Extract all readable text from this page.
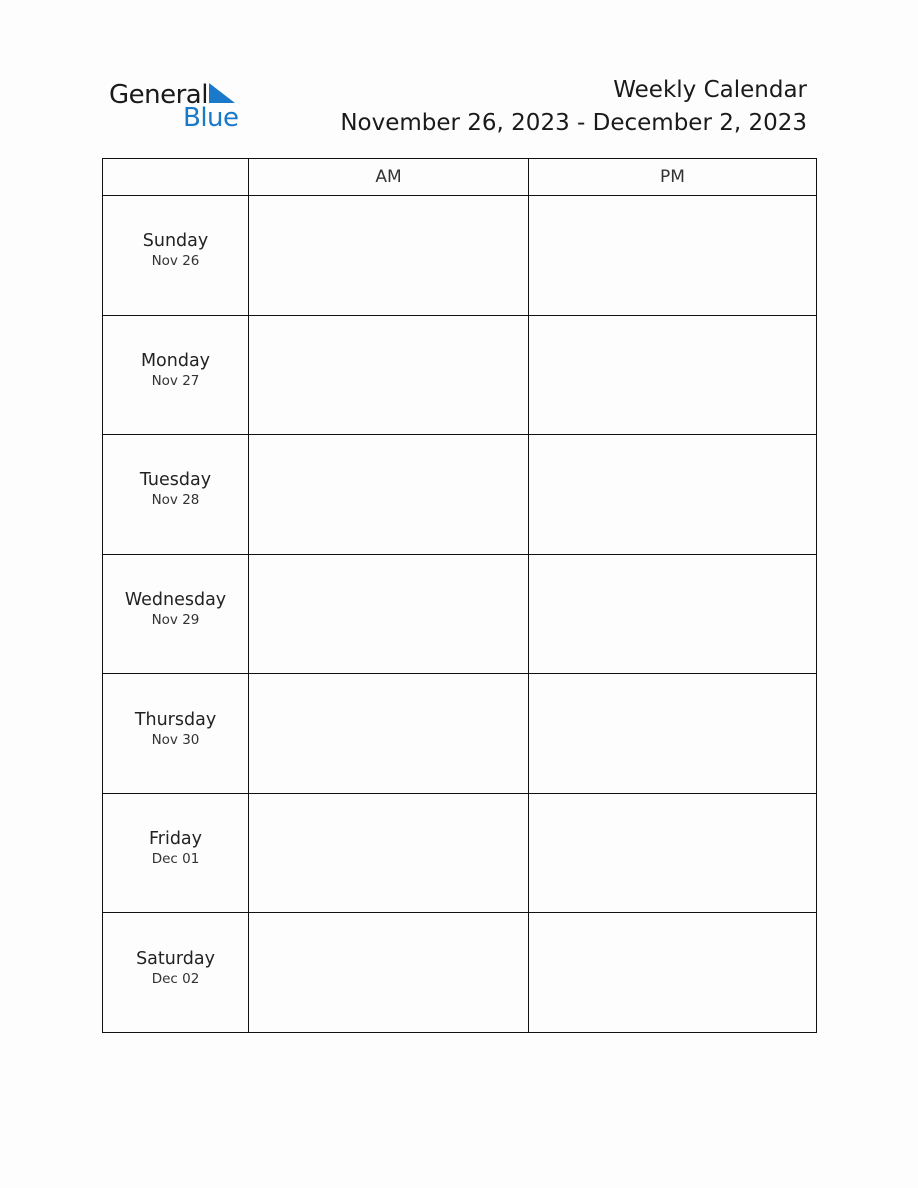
General
Blue
Weekly Calendar
November 26, 2023 - December 2, 2023
	AM	PM

Sunday
Nov 26		

Monday
Nov 27		

Tuesday
Nov 28		

Wednesday
Nov 29		

Thursday
Nov 30		

Friday
Dec 01		

Saturday
Dec 02		
